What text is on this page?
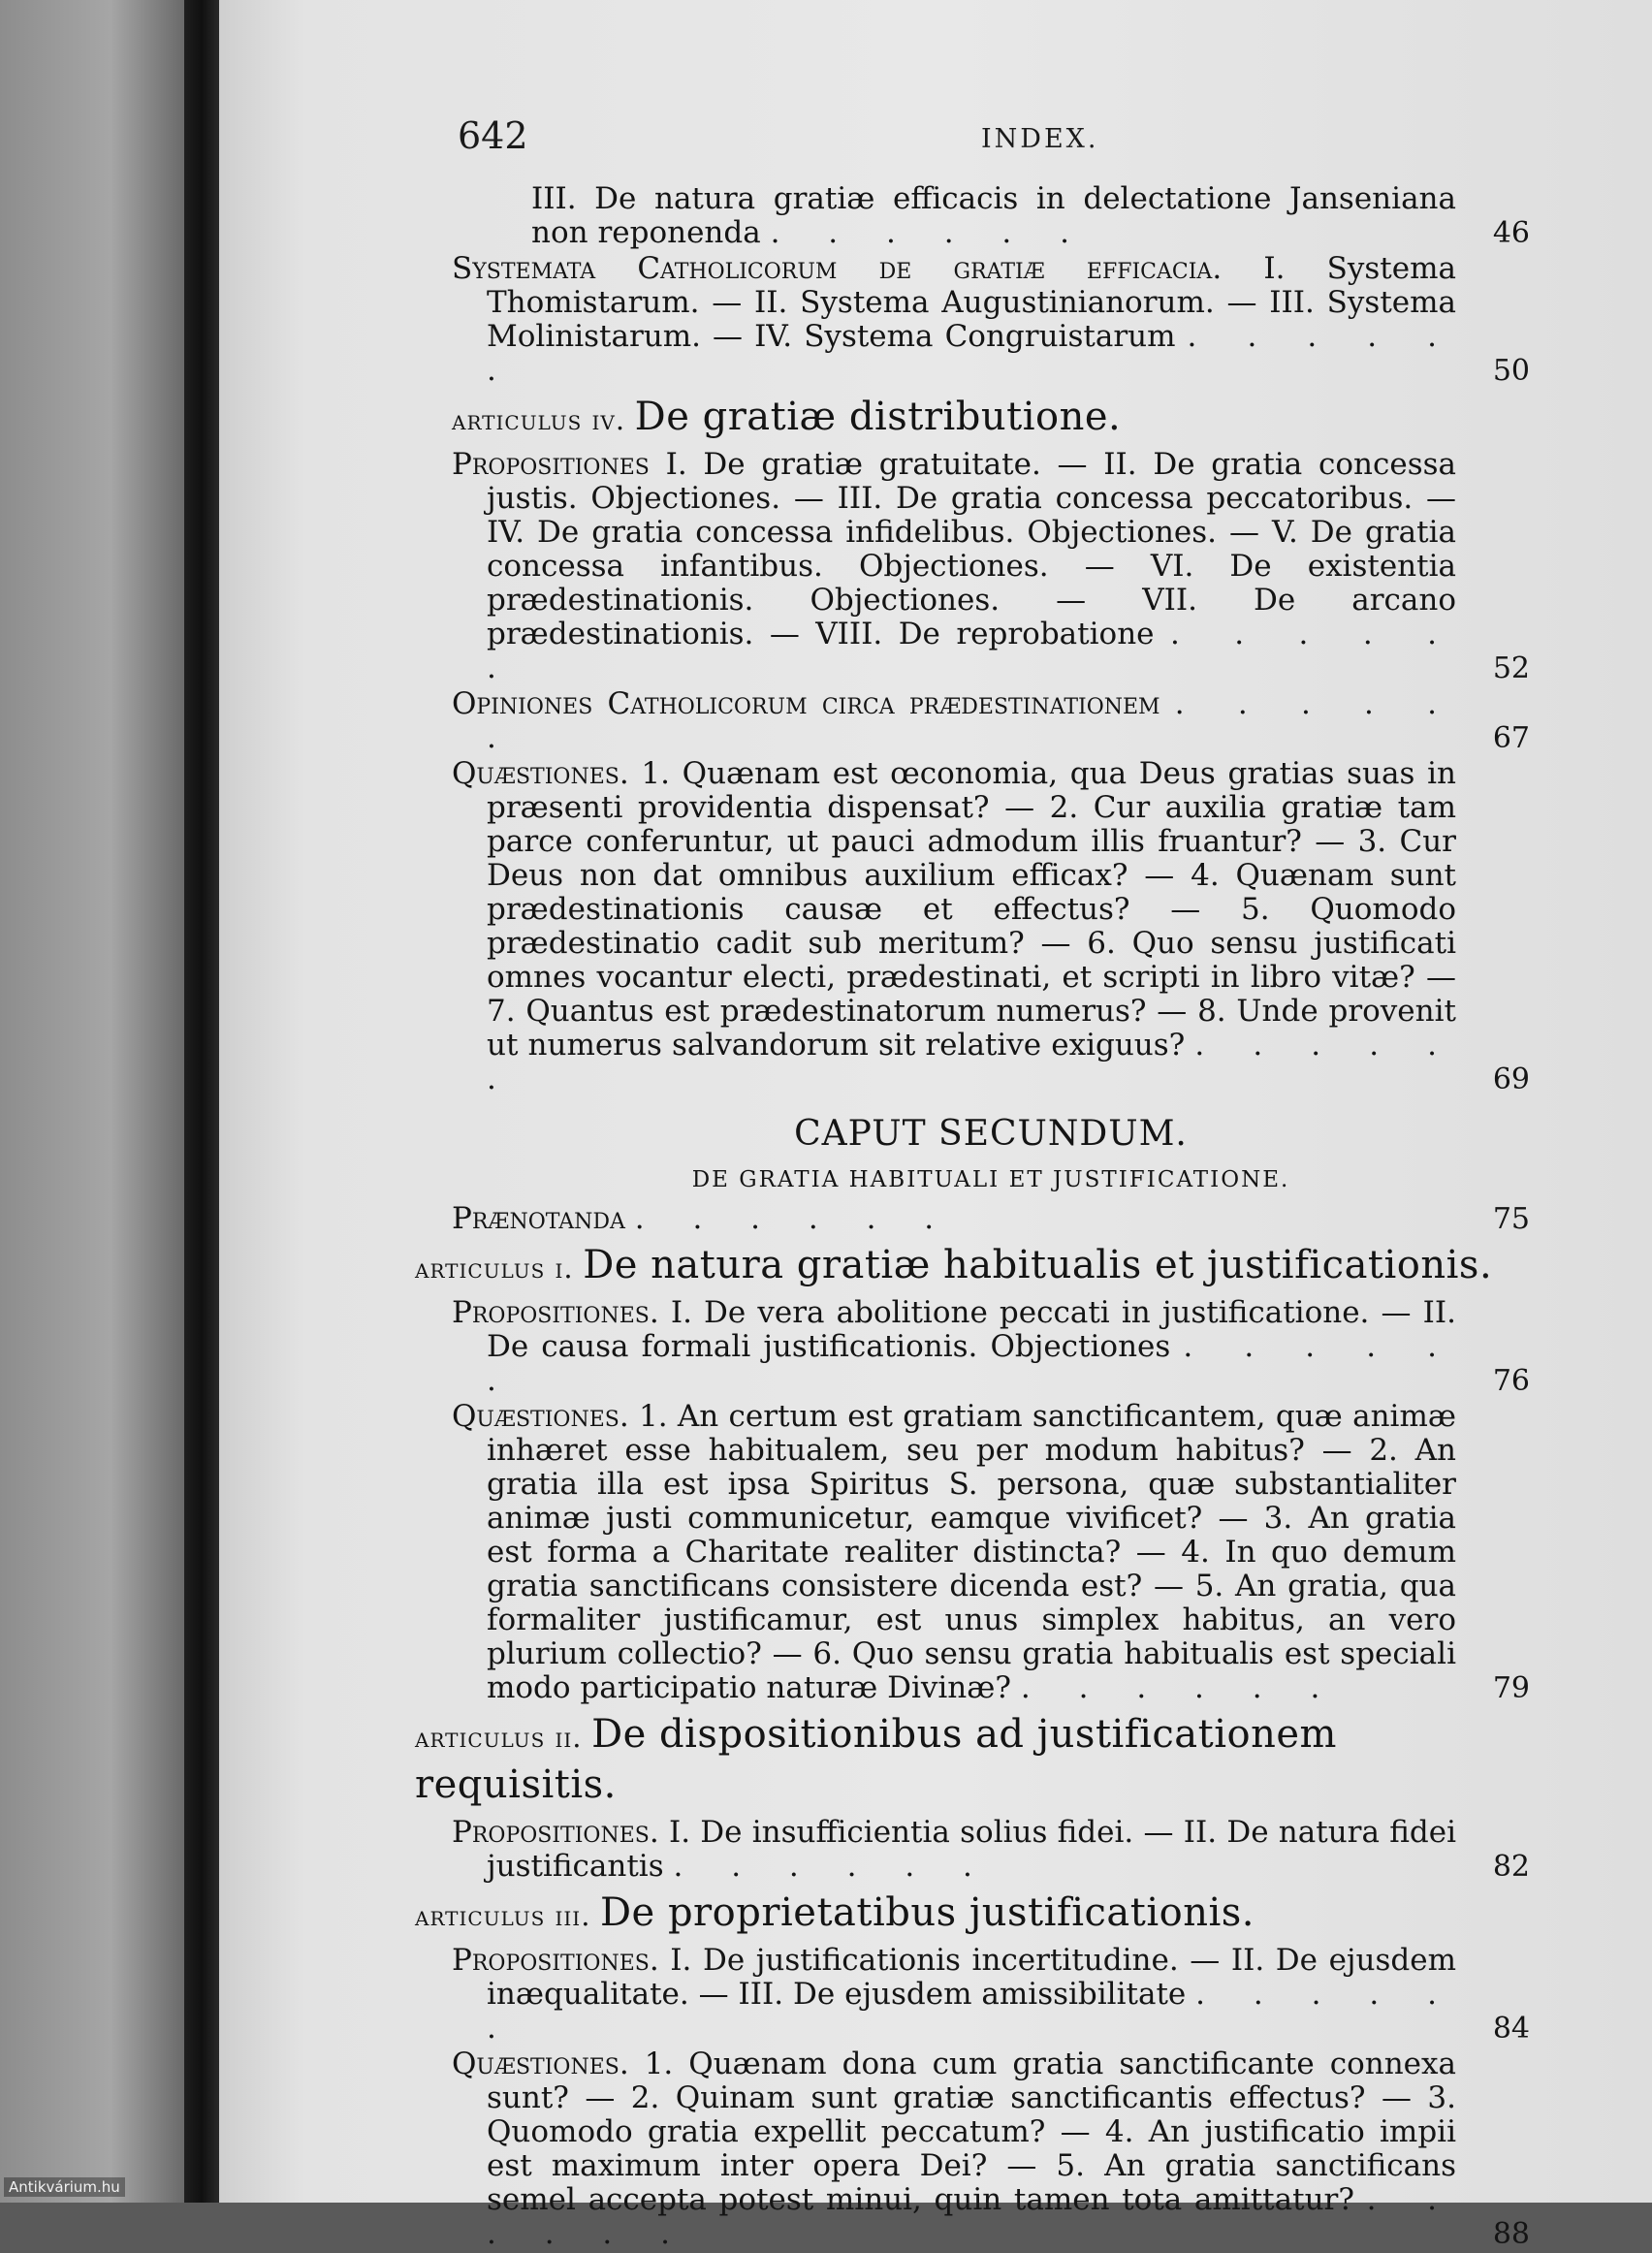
642	INDEX.
III. De natura gratiæ efficacis in delectatione Janseniana non reponenda . . . . . .	46
Systemata Catholicorum de gratiæ efficacia. I. Systema Thomistarum. — II. Systema Augustinianorum. — III. Systema Molinistarum. — IV. Systema Congruistarum . . . . . .	50
articulus iv. De gratiæ distributione.
Propositiones I. De gratiæ gratuitate. — II. De gratia concessa justis. Objectiones. — III. De gratia concessa peccatoribus. — IV. De gratia concessa infidelibus. Objectiones. — V. De gratia concessa infantibus. Objectiones. — VI. De existentia prædestinationis. Objectiones. — VII. De arcano prædestinationis. — VIII. De reprobatione . . . . . .	52
Opiniones Catholicorum circa prædestinationem . . . . . .	67
Quæstiones. 1. Quænam est œconomia, qua Deus gratias suas in præsenti providentia dispensat? — 2. Cur auxilia gratiæ tam parce conferuntur, ut pauci admodum illis fruantur? — 3. Cur Deus non dat omnibus auxilium efficax? — 4. Quænam sunt prædestinationis causæ et effectus? — 5. Quomodo prædestinatio cadit sub meritum? — 6. Quo sensu justificati omnes vocantur electi, prædestinati, et scripti in libro vitæ? — 7. Quantus est prædestinatorum numerus? — 8. Unde provenit ut numerus salvandorum sit relative exiguus? . . . . . .	69
CAPUT SECUNDUM.
DE GRATIA HABITUALI ET JUSTIFICATIONE.
Prænotanda . . . . . .	75
articulus i. De natura gratiæ habitualis et justificationis.
Propositiones. I. De vera abolitione peccati in justificatione. — II. De causa formali justificationis. Objectiones . . . . . .	76
Quæstiones. 1. An certum est gratiam sanctificantem, quæ animæ inhæret esse habitualem, seu per modum habitus? — 2. An gratia illa est ipsa Spiritus S. persona, quæ substantialiter animæ justi communicetur, eamque vivificet? — 3. An gratia est forma a Charitate realiter distincta? — 4. In quo demum gratia sanctificans consistere dicenda est? — 5. An gratia, qua formaliter justificamur, est unus simplex habitus, an vero plurium collectio? — 6. Quo sensu gratia habitualis est speciali modo participatio naturæ Divinæ? . . . . . .	79
articulus ii. De dispositionibus ad justificationem requisitis.
Propositiones. I. De insufficientia solius fidei. — II. De natura fidei justificantis . . . . . .	82
articulus iii. De proprietatibus justificationis.
Propositiones. I. De justificationis incertitudine. — II. De ejusdem inæqualitate. — III. De ejusdem amissibilitate . . . . . .	84
Quæstiones. 1. Quænam dona cum gratia sanctificante connexa sunt? — 2. Quinam sunt gratiæ sanctificantis effectus? — 3. Quomodo gratia expellit peccatum? — 4. An justificatio impii est maximum inter opera Dei? — 5. An gratia sanctificans semel accepta potest minui, quin tamen tota amittatur? . . . . . .	88
Antikvárium.hu
